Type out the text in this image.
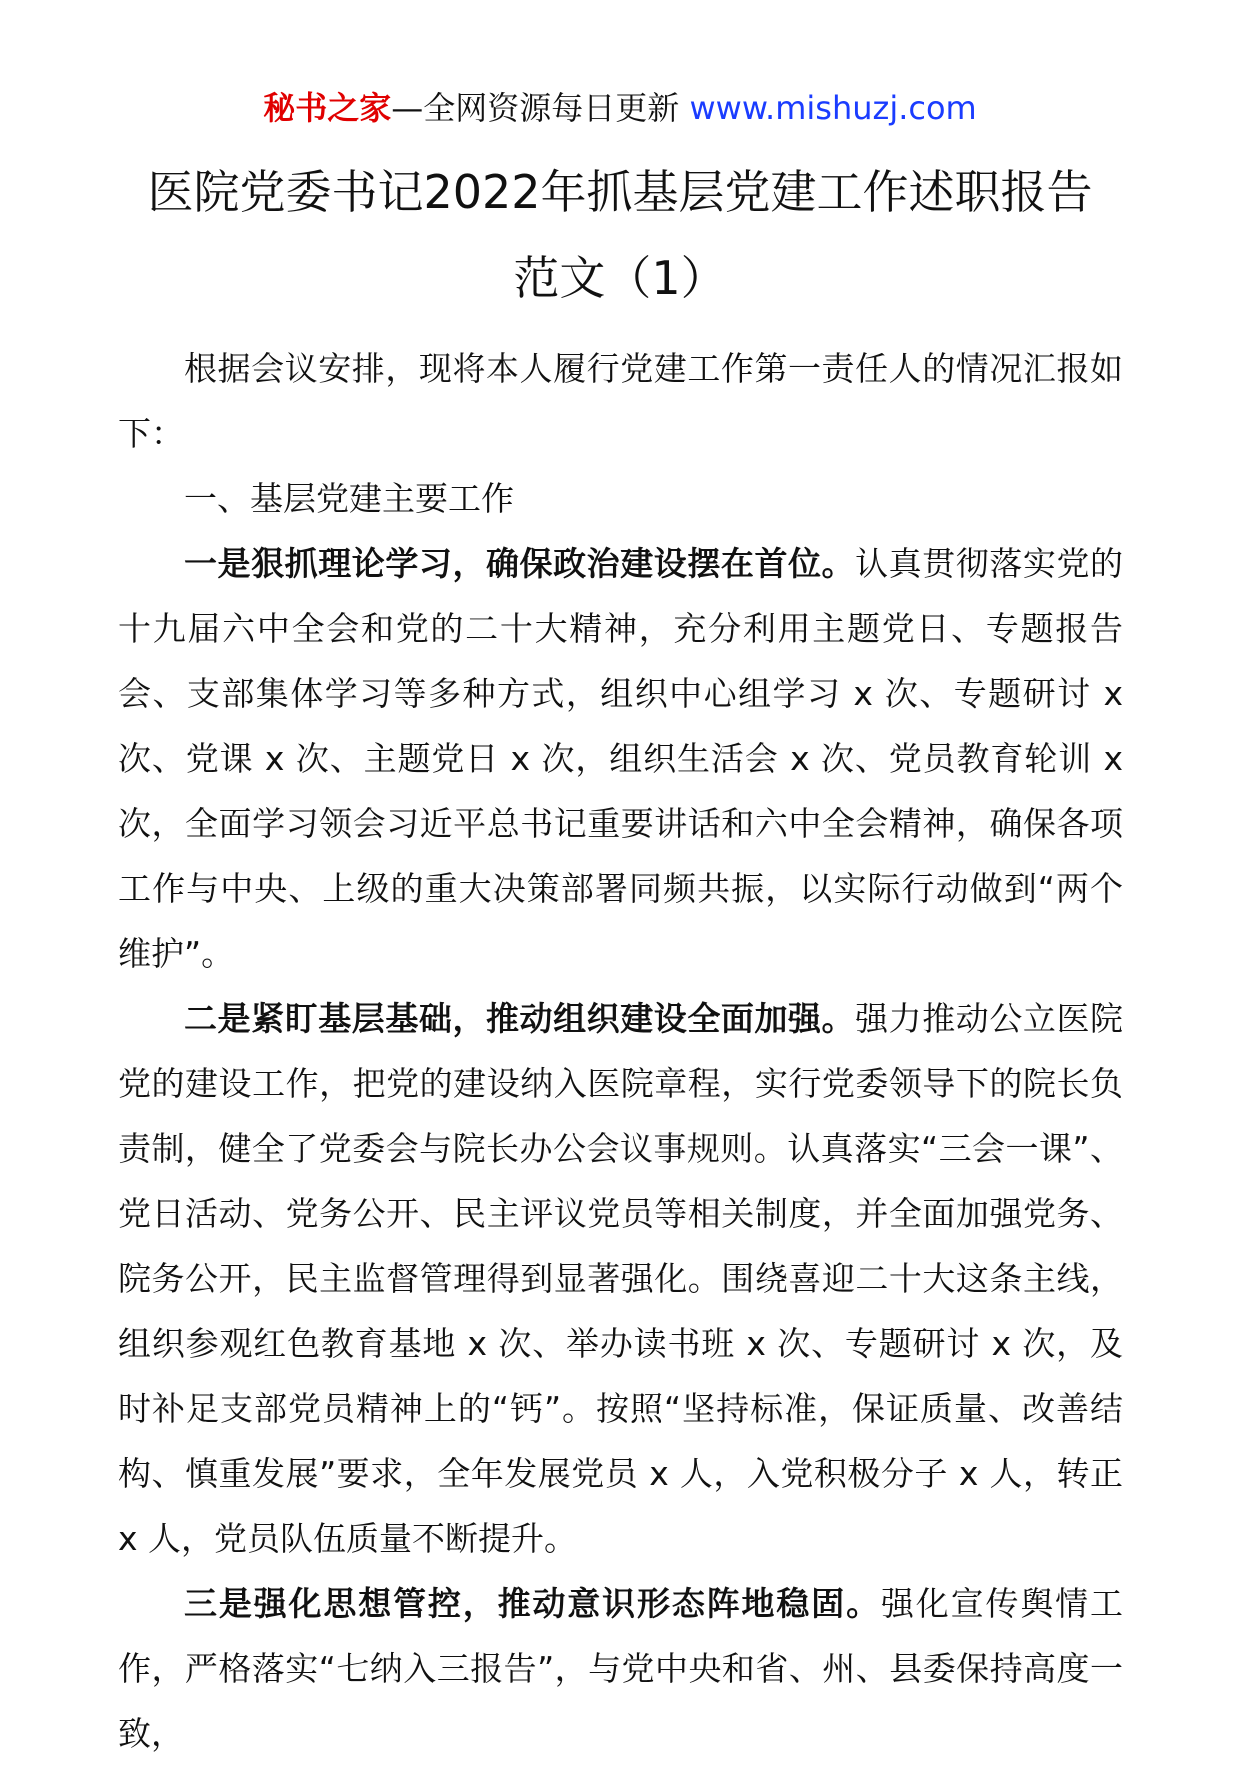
秘书之家—全网资源每日更新 www.mishuzj.com
医院党委书记2022年抓基层党建工作述职报告
范文（1）

根据会议安排，现将本人履行党建工作第一责任人的情况汇报如下：

一、基层党建主要工作

一是狠抓理论学习，确保政治建设摆在首位。认真贯彻落实党的十九届六中全会和党的二十大精神，充分利用主题党日、专题报告会、支部集体学习等多种方式，组织中心组学习 x 次、专题研讨 x 次、党课 x 次、主题党日 x 次，组织生活会 x 次、党员教育轮训 x 次，全面学习领会习近平总书记重要讲话和六中全会精神，确保各项工作与中央、上级的重大决策部署同频共振，以实际行动做到“两个维护”。

二是紧盯基层基础，推动组织建设全面加强。强力推动公立医院党的建设工作，把党的建设纳入医院章程，实行党委领导下的院长负责制，健全了党委会与院长办公会议事规则。认真落实“三会一课”、党日活动、党务公开、民主评议党员等相关制度，并全面加强党务、院务公开，民主监督管理得到显著强化。围绕喜迎二十大这条主线，组织参观红色教育基地 x 次、举办读书班 x 次、专题研讨 x 次，及时补足支部党员精神上的“钙”。按照“坚持标准，保证质量、改善结构、慎重发展”要求，全年发展党员 x 人，入党积极分子 x 人，转正 x 人，党员队伍质量不断提升。

三是强化思想管控，推动意识形态阵地稳固。强化宣传舆情工作，严格落实“七纳入三报告”，与党中央和省、州、县委保持高度一致，
